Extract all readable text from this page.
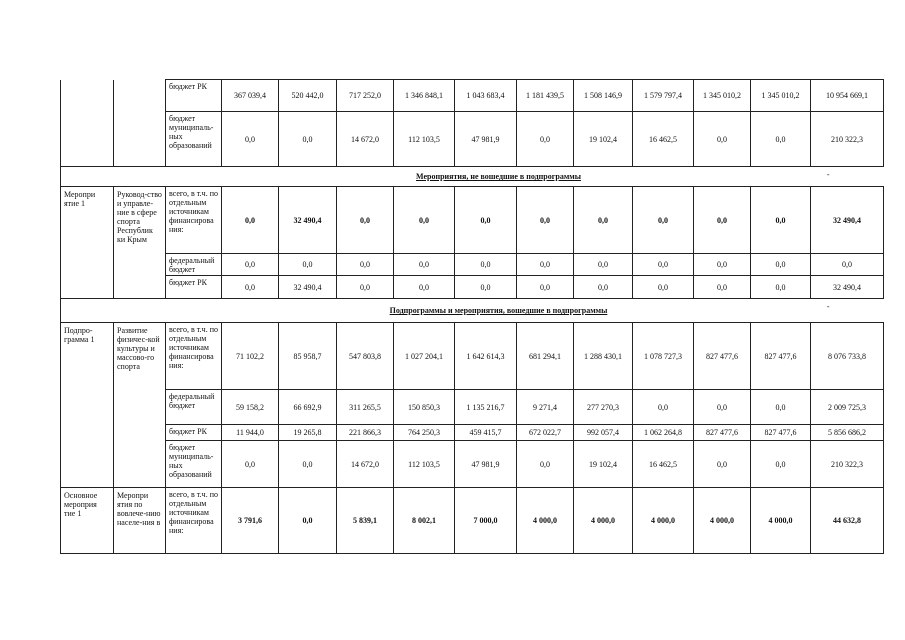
		бюджет РК	367 039,4	520 442,0	717 252,0	1 346 848,1	1 043 683,4	1 181 439,5	1 508 146,9	1 579 797,4	1 345 010,2	1 345 010,2	10 954 669,1
		бюджет муниципаль-ных образований	0,0	0,0	14 672,0	112 103,5	47 981,9	0,0	19 102,4	16 462,5	0,0	0,0	210 322,3
	Мероприятия, не вошедшие в подпрограммы -												

Меропри ятие 1	Руковод-ство и управле-ние в сфере спорта Республик ки Крым	всего, в т.ч. по отдельным источникам финансирова ния:	0,0	32 490,4	0,0	0,0	0,0	0,0	0,0	0,0	0,0	0,0	32 490,4
		федеральный бюджет	0,0	0,0	0,0	0,0	0,0	0,0	0,0	0,0	0,0	0,0	0,0
		бюджет РК	0,0	32 490,4	0,0	0,0	0,0	0,0	0,0	0,0	0,0	0,0	32 490,4
	Подпрограммы и мероприятия, вошедшие в подпрограммы -												

Подпро-грамма 1	Развитие физичес-кой культуры и массово-го спорта	всего, в т.ч. по отдельным источникам финансирова ния:	71 102,2	85 958,7	547 803,8	1 027 204,1	1 642 614,3	681 294,1	1 288 430,1	1 078 727,3	827 477,6	827 477,6	8 076 733,8
		федеральный бюджет	59 158,2	66 692,9	311 265,5	150 850,3	1 135 216,7	9 271,4	277 270,3	0,0	0,0	0,0	2 009 725,3
		бюджет РК	11 944,0	19 265,8	221 866,3	764 250,3	459 415,7	672 022,7	992 057,4	1 062 264,8	827 477,6	827 477,6	5 856 686,2
		бюджет муниципаль-ных образований	0,0	0,0	14 672,0	112 103,5	47 981,9	0,0	19 102,4	16 462,5	0,0	0,0	210 322,3
Основное мероприя тие 1	Меропри ятия по вовлече-нию населе-ния в	всего, в т.ч. по отдельным источникам финансирова ния:	3 791,6	0,0	5 839,1	8 002,1	7 000,0	4 000,0	4 000,0	4 000,0	4 000,0	4 000,0	44 632,8
